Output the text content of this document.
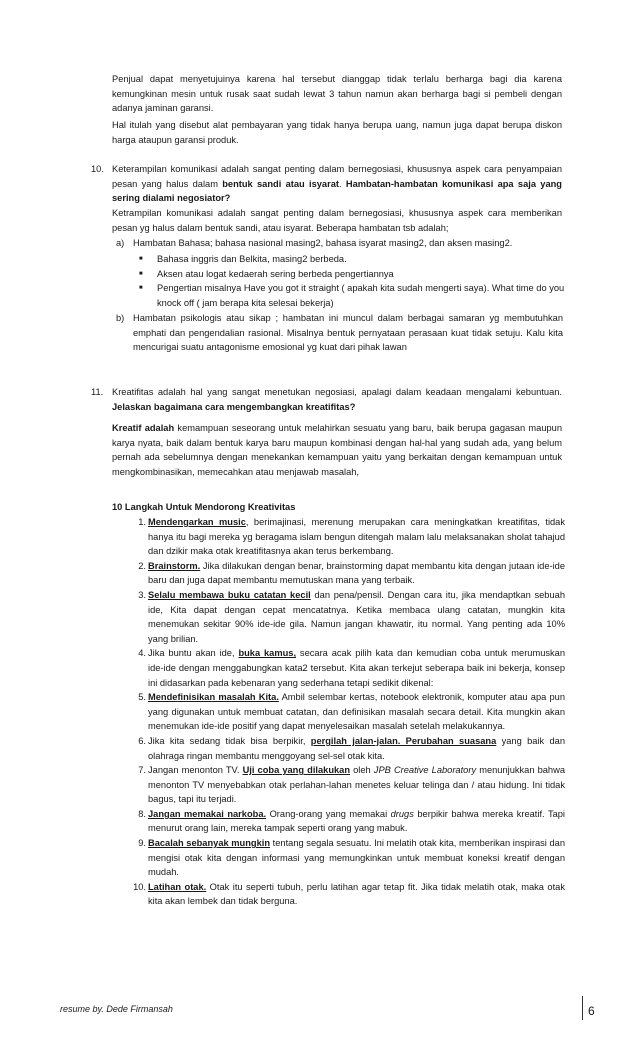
Penjual dapat menyetujuinya karena hal tersebut dianggap tidak terlalu berharga bagi dia karena kemungkinan mesin untuk rusak saat sudah lewat 3 tahun namun akan berharga bagi si pembeli dengan adanya jaminan garansi.

Hal itulah yang disebut alat pembayaran yang tidak hanya berupa uang, namun juga dapat berupa diskon harga ataupun garansi produk.

10. Keterampilan komunikasi adalah sangat penting dalam bernegosiasi, khususnya aspek cara penyampaian pesan yang halus dalam bentuk sandi atau isyarat. Hambatan-hambatan komunikasi apa saja yang sering dialami negosiator?

Ketrampilan komunikasi adalah sangat penting dalam bernegosiasi, khususnya aspek cara memberikan pesan yg halus dalam bentuk sandi, atau isyarat. Beberapa hambatan tsb adalah;

a) Hambatan Bahasa; bahasa nasional masing2, bahasa isyarat masing2, dan aksen masing2.

■ Bahasa inggris dan Belkita, masing2 berbeda.
■ Aksen atau logat kedaerah sering berbeda pengertiannya
■ Pengertian misalnya Have you got it straight ( apakah kita sudah mengerti saya). What time do you knock off ( jam berapa kita selesai bekerja)
b) Hambatan psikologis atau sikap ; hambatan ini muncul dalam berbagai samaran yg membutuhkan emphati dan pengendalian rasional. Misalnya bentuk pernyataan perasaan kuat tidak setuju. Kalu kita mencurigai suatu antagonisme emosional yg kuat dari pihak lawan

11. Kreatifitas adalah hal yang sangat menetukan negosiasi, apalagi dalam keadaan mengalami kebuntuan. Jelaskan bagaimana cara mengembangkan kreatifitas?

Kreatif adalah kemampuan seseorang untuk melahirkan sesuatu yang baru, baik berupa gagasan maupun karya nyata, baik dalam bentuk karya baru maupun kombinasi dengan hal-hal yang sudah ada, yang belum pernah ada sebelumnya dengan menekankan kemampuan yaitu yang berkaitan dengan kemampuan untuk mengkombinasikan, memecahkan atau menjawab masalah,

10 Langkah Untuk Mendorong Kreativitas

1. Mendengarkan music, berimajinasi, merenung merupakan cara meningkatkan kreatifitas, tidak hanya itu bagi mereka yg beragama islam bengun ditengah malam lalu melaksanakan sholat tahajud dan dzikir maka otak kreatifitasnya akan terus berkembang.
2. Brainstorm. Jika dilakukan dengan benar, brainstorming dapat membantu kita dengan jutaan ide-ide baru dan juga dapat membantu memutuskan mana yang terbaik.
3. Selalu membawa buku catatan kecil dan pena/pensil. Dengan cara itu, jika mendaptkan sebuah ide, Kita dapat dengan cepat mencatatnya. Ketika membaca ulang catatan, mungkin kita menemukan sekitar 90% ide-ide gila. Namun jangan khawatir, itu normal. Yang penting ada 10% yang brilian.
4. Jika buntu akan ide, buka kamus, secara acak pilih kata dan kemudian coba untuk merumuskan ide-ide dengan menggabungkan kata2 tersebut. Kita akan terkejut seberapa baik ini bekerja, konsep ini didasarkan pada kebenaran yang sederhana tetapi sedikit dikenal:
5. Mendefinisikan masalah Kita. Ambil selembar kertas, notebook elektronik, komputer atau apa pun yang digunakan untuk membuat catatan, dan definisikan masalah secara detail. Kita mungkin akan menemukan ide-ide positif yang dapat menyelesaikan masalah setelah melakukannya.
6. Jika kita sedang tidak bisa berpikir, pergilah jalan-jalan. Perubahan suasana yang baik dan olahraga ringan membantu menggoyang sel-sel otak kita.
7. Jangan menonton TV. Uji coba yang dilakukan oleh JPB Creative Laboratory menunjukkan bahwa menonton TV menyebabkan otak perlahan-lahan menetes keluar telinga dan / atau hidung. Ini tidak bagus, tapi itu terjadi.
8. Jangan memakai narkoba. Orang-orang yang memakai drugs berpikir bahwa mereka kreatif. Tapi menurut orang lain, mereka tampak seperti orang yang mabuk.
9. Bacalah sebanyak mungkin tentang segala sesuatu. Ini melatih otak kita, memberikan inspirasi dan mengisi otak kita dengan informasi yang memungkinkan untuk membuat koneksi kreatif dengan mudah.
10. Latihan otak. Otak itu seperti tubuh, perlu latihan agar tetap fit. Jika tidak melatih otak, maka otak kita akan lembek dan tidak berguna.
resume by. Dede Firmansah	6
